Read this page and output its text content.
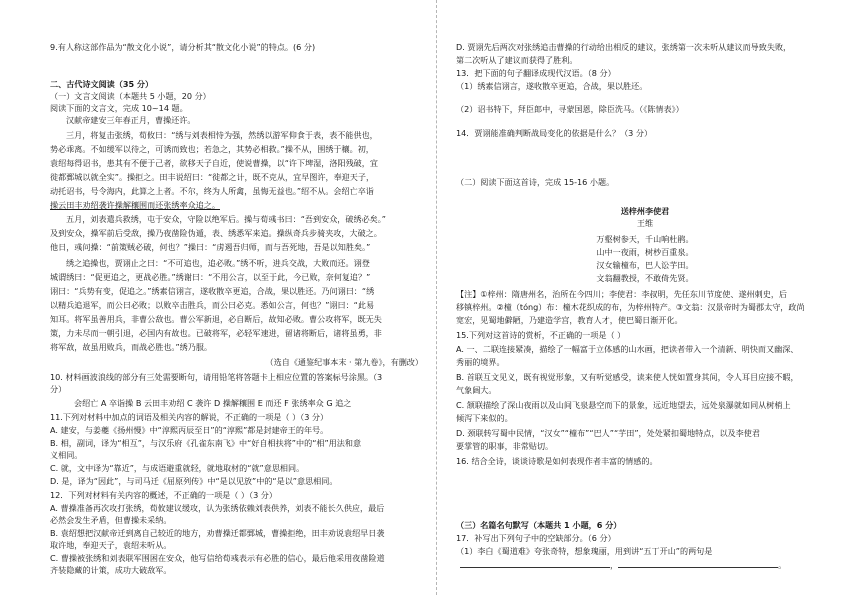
9.有人称这部作品为“散文化小说”，请分析其“散文化小说”的特点。(6 分)
二、古代诗文阅读（35 分）
（一）文言文阅读（本题共 5 小题，20 分）
阅读下面的文言文，完成 10~14 题。
汉献帝建安三年春正月，曹操还许。
三月，将复击张绣，荀攸曰：“绣与刘表相恃为强，然绣以游军仰食于表，表不能供也，
势必乖离。不如缓军以待之，可诱而致也；若急之，其势必相救。”操不从，围绣于穰。初，
袁绍每得诏书，患其有不便于己者，欲移天子自近，使说曹操，以“许下埤湿，洛阳残破，宜
徙都鄄城以就全实”。操拒之。田丰说绍曰：“徙都之计，既不克从，宜早图许，奉迎天子，
动托诏书，号令海内，此算之上者。不尔，终为人所禽，虽悔无益也。”绍不从。会绍亡卒诣
操云田丰劝绍袭许操解穰围而还张绣率众追之。
五月，刘表遣兵救绣，屯于安众，守险以绝军后。操与荀彧书曰：“吾到安众，破绣必矣。”
及到安众，操军前后受敌，操乃夜凿险伪遁，表、绣悉军来追。操纵奇兵步骑夹攻，大破之。
他日，彧问操：“前策贼必破，何也？”操曰：“虏遏吾归师，而与吾死地，吾是以知胜矣。”
绣之追操也，贾诩止之曰：“不可追也，追必败。”绣不听，进兵交战，大败而还。诩登
城谓绣曰：“促更追之，更战必胜。”绣谢曰：“不用公言，以至于此，今已败，奈何复追？”
诩曰：“兵势有变，促追之。”绣素信诩言，遂收散卒更追，合战，果以胜还。乃问诩曰：“绣
以精兵追退军，而公曰必败；以败卒击胜兵，而公曰必克。悉如公言，何也？”诩曰：“此易
知耳。将军虽善用兵，非曹公敌也。曹公军新退，必自断后，故知必败。曹公攻将军，既无失
策，力未尽而一朝引退，必国内有故也。已破将军，必轻军速进，留诸将断后，诸将虽勇，非
将军敌，故虽用败兵，而战必胜也。”绣乃服。
（选自《通鉴纪事本末 · 第九卷》，有删改）
10. 材料画波浪线的部分有三处需要断句，请用铅笔将答题卡上相应位置的答案标号涂黑。（3
分）
会绍亡 A 卒诣操 B 云田丰劝绍 C 袭许 D 操解穰围 E 而还 F 张绣率众 G 追之
11.下列对材料中加点的词语及相关内容的解说，不正确的一项是（ ）（3 分）
A. 建安，与姜夔《扬州慢》中“淳熙丙辰至日”的“淳熙”都是封建帝王的年号。
B. 相，副词，译为“相互”，与汉乐府《孔雀东南飞》中“好自相扶将”中的“相”用法和意
义相同。
C. 就，文中译为“靠近”，与成语避重就轻，就地取材的“就”意思相同。
D. 是，译为“因此”，与司马迁《屈原列传》中“是以见放”中的“是以”意思相同。
12．下列对材料有关内容的概述，不正确的一项是（ ）（3 分）
A. 曹操准备再次攻打张绣，荀攸建议缓攻，认为张绣依赖刘表供养，刘表不能长久供应，最后
必然会发生矛盾，但曹操未采纳。
B. 袁绍想把汉献帝迁到离自己较近的地方，劝曹操迁都鄄城，曹操拒绝，田丰劝说袁绍早日袭
取许地，奉迎天子，袁绍未听从。
C. 曹操被张绣和刘表联军围困在安众，他写信给荀彧表示有必胜的信心，最后他采用夜凿险道
齐装隐藏的计策，成功大破敌军。
D. 贾诩先后两次对张绣追击曹操的行动给出相反的建议，张绣第一次未听从建议而导致失败，
第二次听从了建议而获得了胜利。
13．把下面的句子翻译成现代汉语。（8 分）
（1）绣素信诩言，遂收散卒更追，合战，果以胜还。
（2）诏书特下，拜臣郎中，寻蒙国恩，除臣洗马。（《陈情表》）
14．贾诩能准确判断战局变化的依据是什么？（3 分）
（二）阅读下面这首诗，完成 15-16 小题。
送梓州李使君
王维
万壑树参天，千山响杜鹃。
山中一夜雨，树杪百重泉。
汉女输橦布，巴人讼芋田。
文翁翻教授，不敢倚先贤。
【注】①梓州：隋唐州名，治所在今四川；李使君：李叔明，先任东川节度使、遂州刺史，后
移镇梓州。②橦（tóng）布：橦木花织成的布，为梓州特产。③文翁：汉景帝时为蜀郡太守，政尚
宽宏，见蜀地僻陋，乃建造学宫，教育人才，使巴蜀日渐开化。
15.下列对这首诗的赏析，不正确的一项是（ ）
A. 一、二联连接紧凑，描绘了一幅富于立体感的山水画，把读者带入一个清新、明快而又幽深、
秀丽的境界。
B. 首联互文见义，既有视觉形象，又有听觉感受，读来使人恍如置身其间，令人耳目应接不暇，
气象阔大。
C. 颔联描绘了深山夜雨以及山间飞泉悬空而下的景象，远近地望去，远处泉瀑就如同从树梢上
倾泻下来似的。
D. 颈联转写蜀中民情，“汉女”“橦布”“巴人”“芋田”，处处紧扣蜀地特点，以及李使君
要掌管的职事，非常贴切。
16. 结合全诗，谈谈诗歌是如何表现作者丰富的情感的。
（三）名篇名句默写（本题共 1 小题，6 分）
17．补写出下列句子中的空缺部分。（6 分）
（1）李白《蜀道难》夸张奇特，想象瑰丽，用到讲“五丁开山”的两句是
，	。
